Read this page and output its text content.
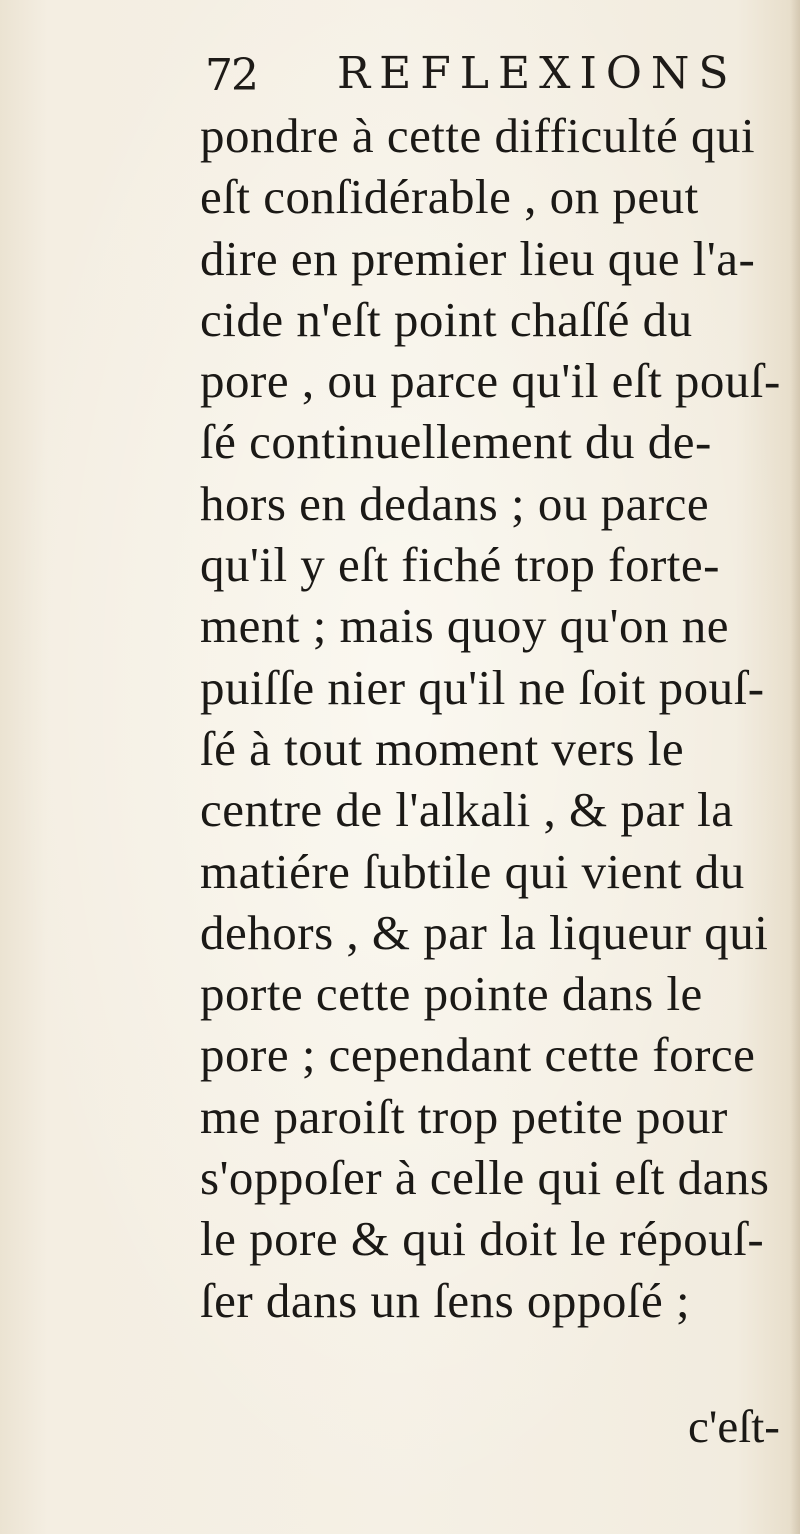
72 REFLEXIONS
pondre à cette difficulté qui
eſt conſidérable , on peut
dire en premier lieu que l'a-
cide n'eſt point chaſſé du
pore , ou parce qu'il eſt pouſ-
ſé continuellement du de-
hors en dedans ; ou parce
qu'il y eſt fiché trop forte-
ment ; mais quoy qu'on ne
puiſſe nier qu'il ne ſoit pouſ-
ſé à tout moment vers le
centre de l'alkali , & par la
matiére ſubtile qui vient du
dehors , & par la liqueur qui
porte cette pointe dans le
pore ; cependant cette force
me paroiſt trop petite pour
s'oppoſer à celle qui eſt dans
le pore & qui doit le répouſ-
ſer dans un ſens oppoſé ;
c'eſt-
